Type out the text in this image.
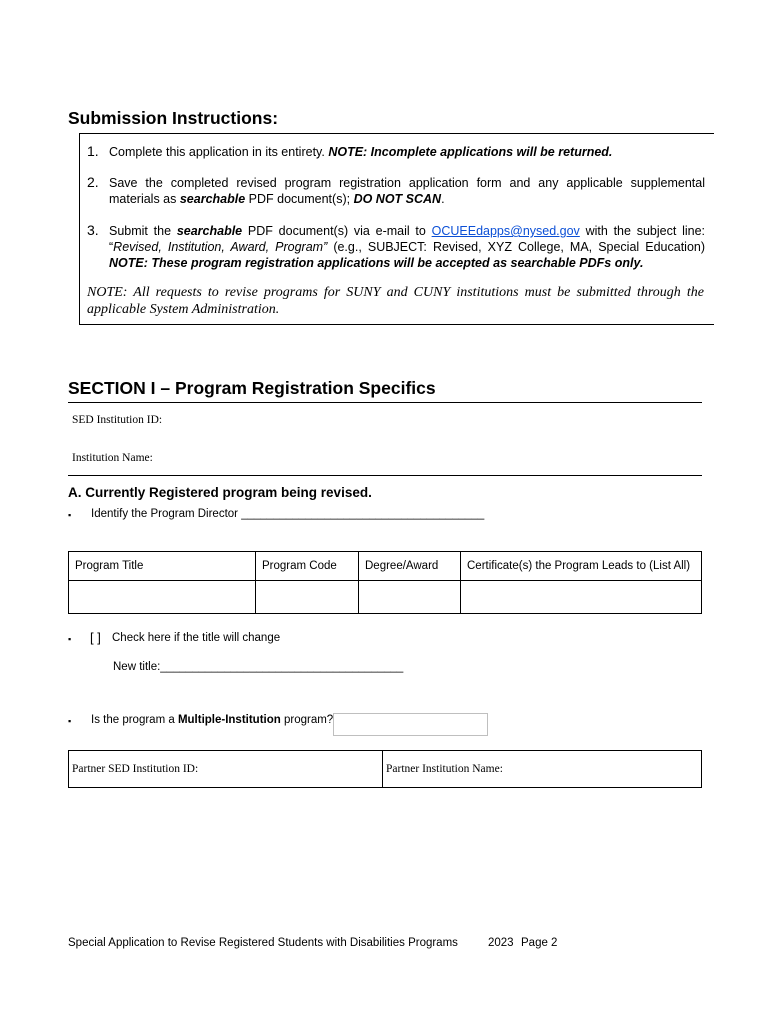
Submission Instructions:
1. Complete this application in its entirety. NOTE: Incomplete applications will be returned.
2. Save the completed revised program registration application form and any applicable supplemental materials as searchable PDF document(s); DO NOT SCAN.
3. Submit the searchable PDF document(s) via e-mail to OCUEEdapps@nysed.gov with the subject line: “Revised, Institution, Award, Program” (e.g., SUBJECT: Revised, XYZ College, MA, Special Education) NOTE: These program registration applications will be accepted as searchable PDFs only.
NOTE: All requests to revise programs for SUNY and CUNY institutions must be submitted through the applicable System Administration.
SECTION I – Program Registration Specifics
SED Institution ID:
Institution Name:
A. Currently Registered program being revised.
▪ Identify the Program Director ______________________________________
Program Title	Program Code	Degree/Award	Certificate(s) the Program Leads to (List All)

▪ [ ] Check here if the title will change
New title:______________________________________
▪ Is the program a Multiple-Institution program?
Partner SED Institution ID:	Partner Institution Name:
Special Application to Revise Registered Students with Disabilities Programs	2023 Page 2
